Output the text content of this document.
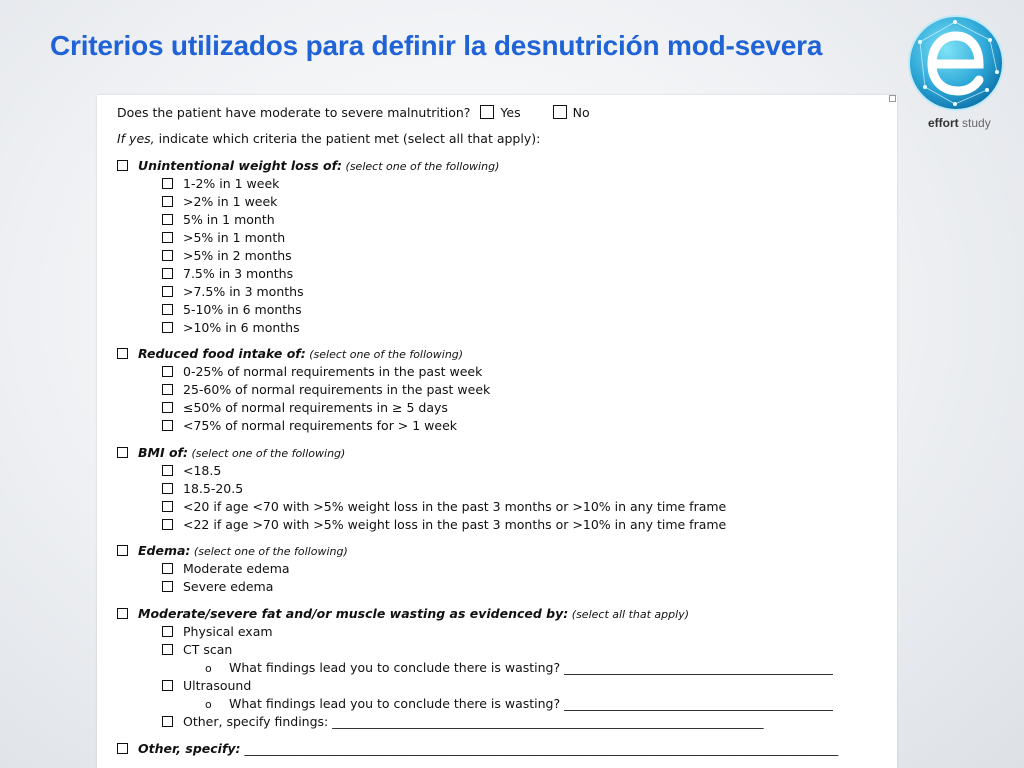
Criterios utilizados para definir la desnutrición mod-severa
effort study
Does the patient have moderate to severe malnutrition? Yes	No
If yes, indicate which criteria the patient met (select all that apply):
Unintentional weight loss of: (select one of the following)
1-2% in 1 week
>2% in 1 week
5% in 1 month
>5% in 1 month
>5% in 2 months
7.5% in 3 months
>7.5% in 3 months
5-10% in 6 months
>10% in 6 months
Reduced food intake of: (select one of the following)
0-25% of normal requirements in the past week
25-60% of normal requirements in the past week
≤50% of normal requirements in ≥ 5 days
<75% of normal requirements for > 1 week
BMI of: (select one of the following)
<18.5
18.5-20.5
<20 if age <70 with >5% weight loss in the past 3 months or >10% in any time frame
<22 if age >70 with >5% weight loss in the past 3 months or >10% in any time frame
Edema: (select one of the following)
Moderate edema
Severe edema
Moderate/severe fat and/or muscle wasting as evidenced by: (select all that apply)
Physical exam
CT scan
o What findings lead you to conclude there is wasting? ___________________________________________
Ultrasound
o What findings lead you to conclude there is wasting? ___________________________________________
Other, specify findings: _____________________________________________________________________
Other, specify: _______________________________________________________________________________________________
